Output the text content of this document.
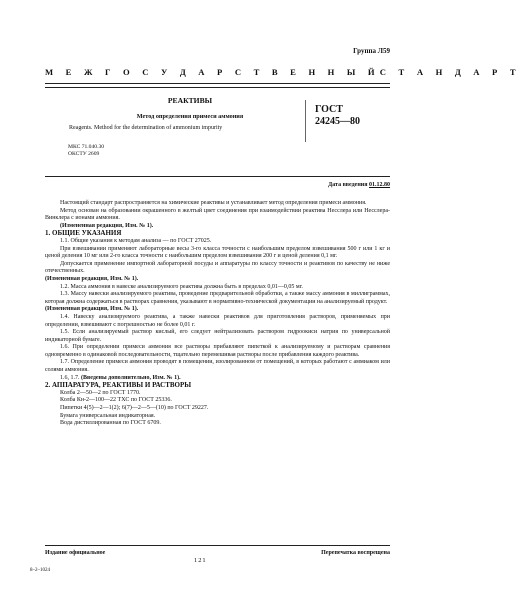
Группа Л59
М Е Ж Г О С У Д А Р С Т В Е Н Н Ы Й С Т А Н Д А Р Т
РЕАКТИВЫ
Метод определения примеси аммония
Reagents. Method for the determination of ammonium impurity
ГОСТ
24245—80
МКС 71.040.30
ОКСТУ 2609
Дата введения 01.12.80

Настоящий стандарт распространяется на химические реактивы и устанавливает метод определения примеси аммония.

Метод основан на образовании окрашенного в желтый цвет соединения при взаимодействии реактива Несслера или Несслера-Винклера с ионами аммония.

(Измененная редакция, Изм. № 1).

1. ОБЩИЕ УКАЗАНИЯ

1.1. Общие указания к методам анализа — по ГОСТ 27025.

При взвешивании применяют лабораторные весы 3-го класса точности с наибольшим пределом взвешивания 500 г или 1 кг и ценой деления 10 мг или 2-го класса точности с наибольшим пределом взвешивания 200 г и ценой деления 0,1 мг.

Допускается применение импортной лабораторной посуды и аппаратуры по классу точности и реактивов по качеству не ниже отечественных.

(Измененная редакция, Изм. № 1).

1.2. Масса аммония в навеске анализируемого реактива должна быть в пределах 0,01—0,05 мг.

1.3. Массу навески анализируемого реактива, проведение предварительной обработки, а также массу аммония в миллиграммах, которая должна содержаться в растворах сравнения, указывают в нормативно-технической документации на анализируемый продукт.

(Измененная редакция, Изм. № 1).

1.4. Навеску анализируемого реактива, а также навески реактивов для приготовления растворов, применяемых при определении, взвешивают с погрешностью не более 0,01 г.

1.5. Если анализируемый раствор кислый, его следует нейтрализовать раствором гидроокиси натрия по универсальной индикаторной бумаге.

1.6. При определении примеси аммония все растворы прибавляют пипеткой к анализируемому и растворам сравнения одновременно в одинаковой последовательности, тщательно перемешивая растворы после прибавления каждого реактива.

1.7. Определение примеси аммония проводят в помещении, изолированном от помещений, в которых работают с аммиаком или солями аммония.

1.6, 1.7. (Введены дополнительно, Изм. № 1).

2. АППАРАТУРА, РЕАКТИВЫ И РАСТВОРЫ

Колба 2—50—2 по ГОСТ 1770.

Колба Кн-2—100—22 ТХС по ГОСТ 25336.

Пипетки 4(5)—2—1(2); 6(7)—2—5—(10) по ГОСТ 29227.

Бумага универсальная индикаторная.

Вода дистиллированная по ГОСТ 6709.

Издание официальное	Перепечатка воспрещена
121
8–2–1024
